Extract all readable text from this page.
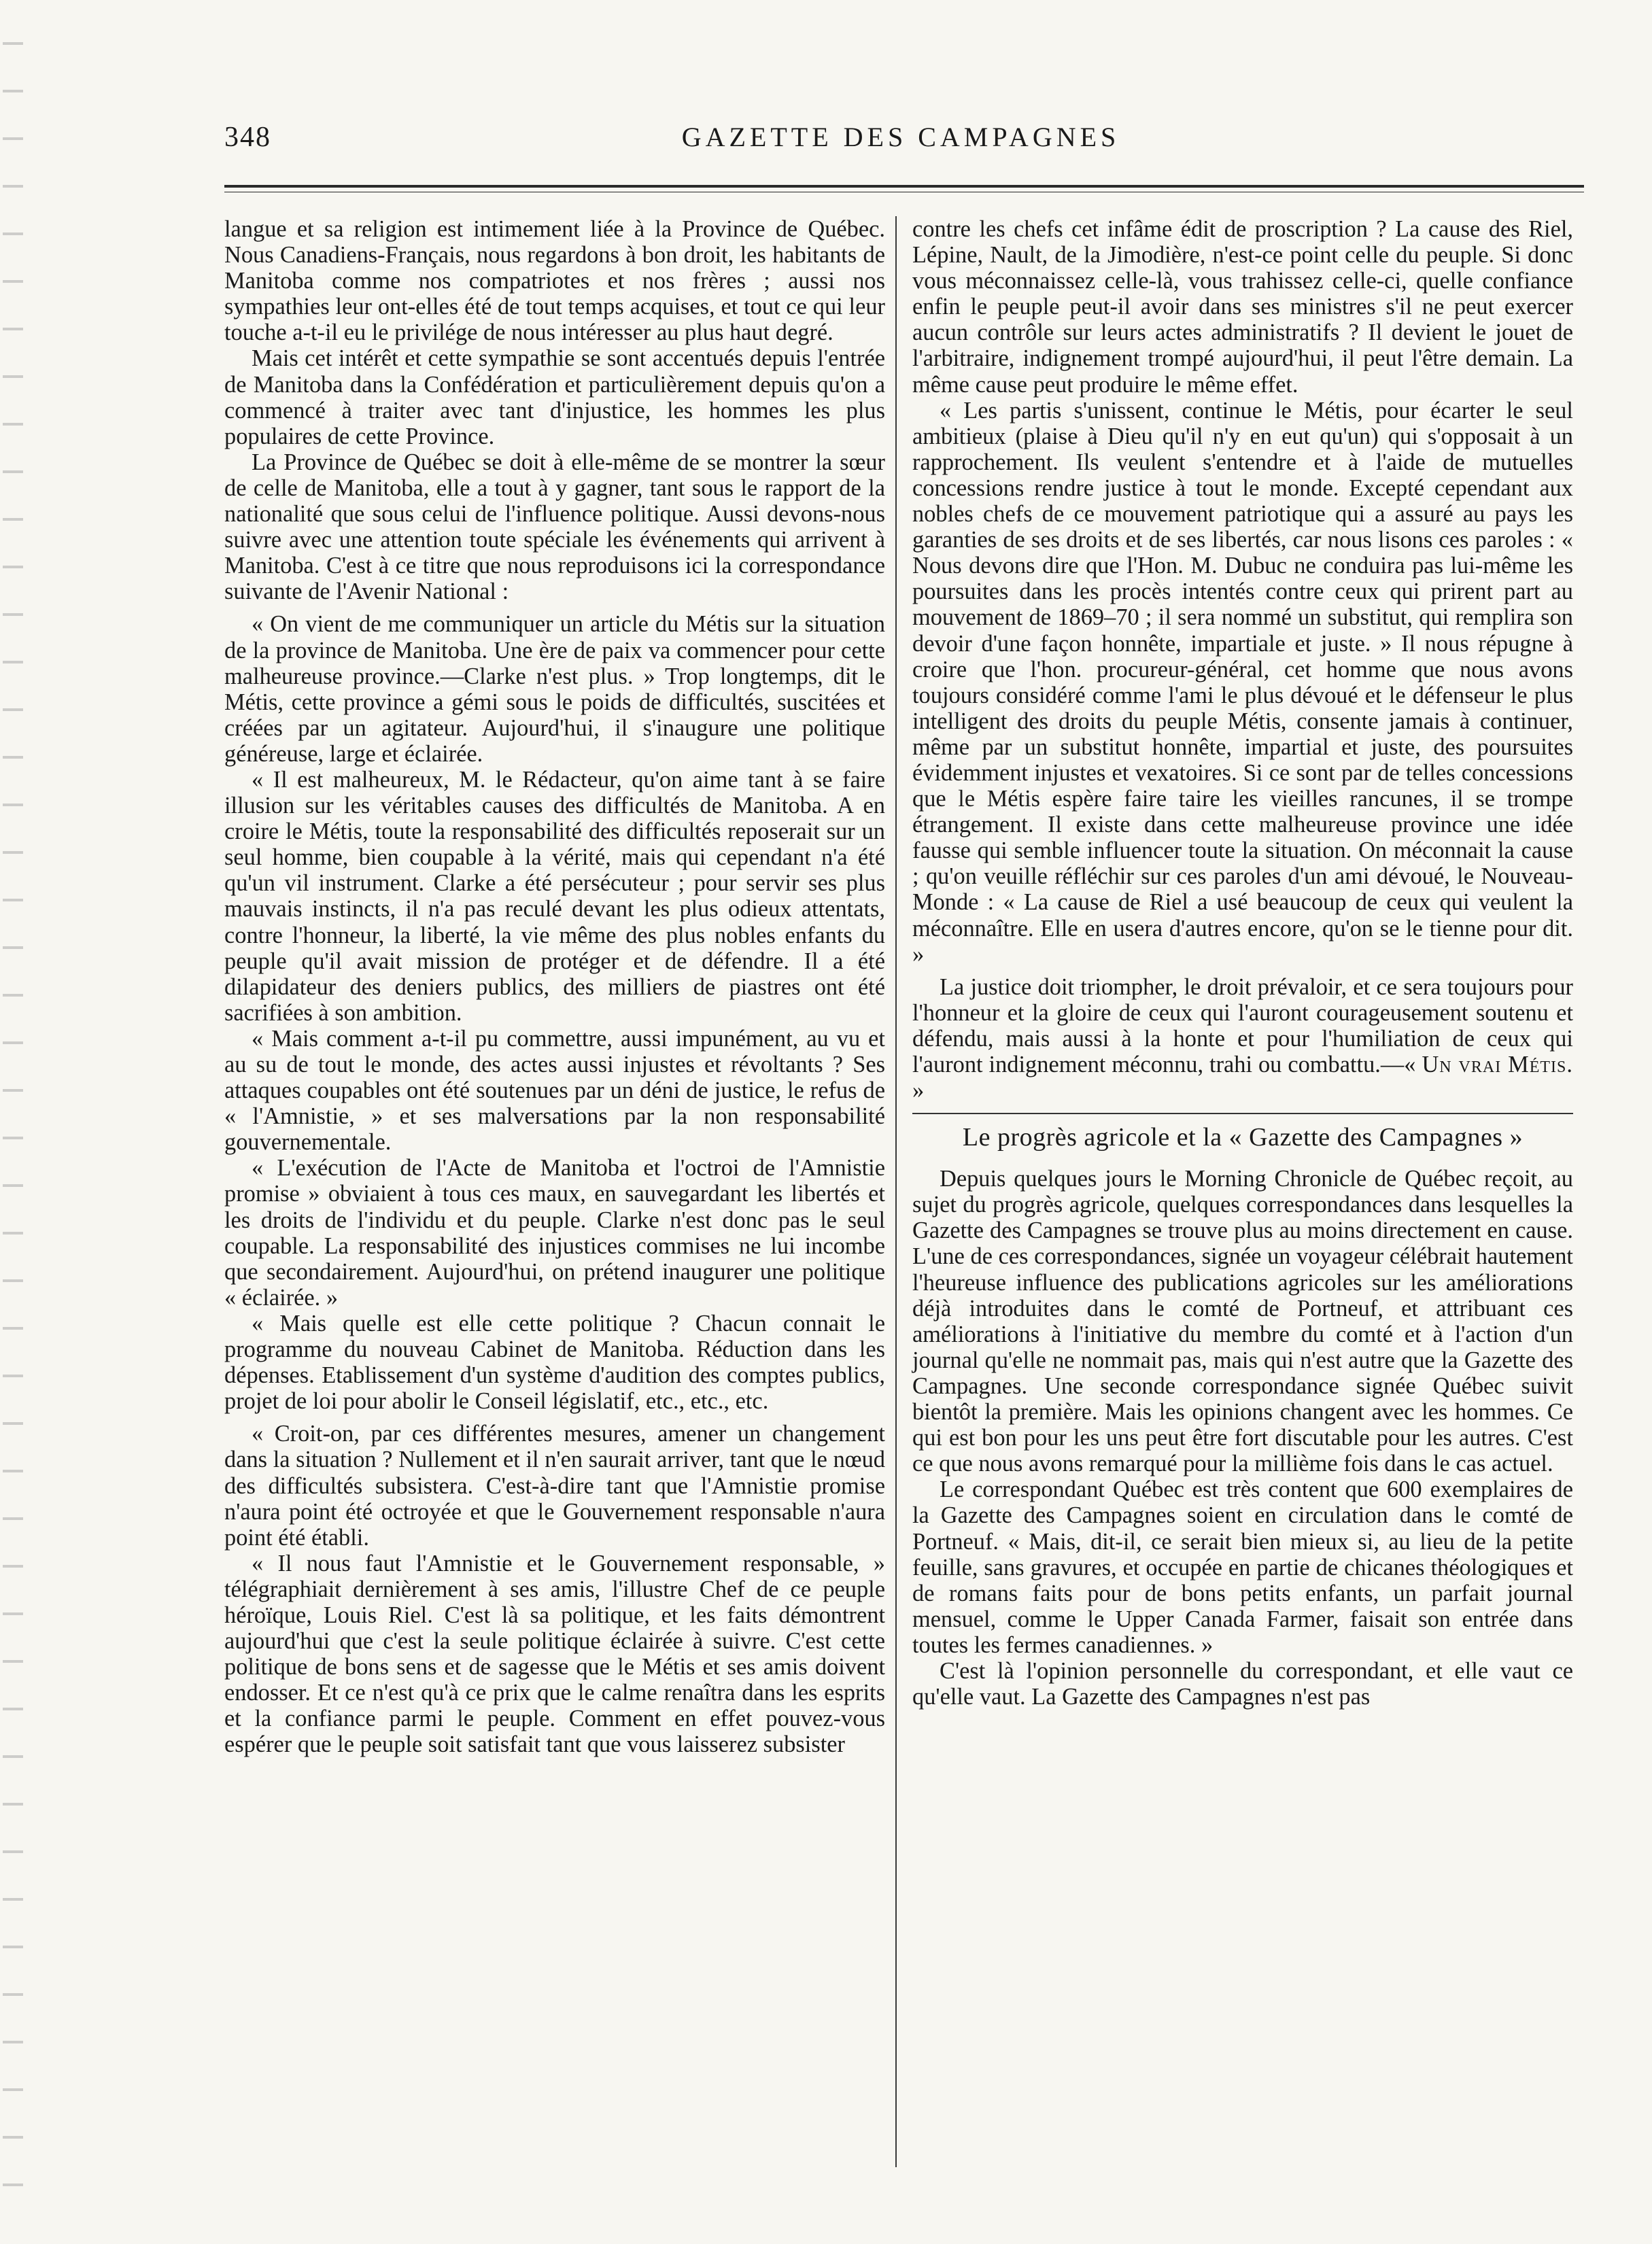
348	GAZETTE DES CAMPAGNES

langue et sa religion est intimement liée à la Province de Québec. Nous Canadiens-Français, nous regardons à bon droit, les habitants de Manitoba comme nos compatriotes et nos frères ; aussi nos sympathies leur ont-elles été de tout temps acquises, et tout ce qui leur touche a-t-il eu le privilége de nous intéresser au plus haut degré.

Mais cet intérêt et cette sympathie se sont accentués depuis l'entrée de Manitoba dans la Confédération et particulièrement depuis qu'on a commencé à traiter avec tant d'injustice, les hommes les plus populaires de cette Province.

La Province de Québec se doit à elle-même de se montrer la sœur de celle de Manitoba, elle a tout à y gagner, tant sous le rapport de la nationalité que sous celui de l'influence politique. Aussi devons-nous suivre avec une attention toute spéciale les événements qui arrivent à Manitoba. C'est à ce titre que nous reproduisons ici la correspondance suivante de l'Avenir National :

« On vient de me communiquer un article du Métis sur la situation de la province de Manitoba. Une ère de paix va commencer pour cette malheureuse province.—Clarke n'est plus. » Trop longtemps, dit le Métis, cette province a gémi sous le poids de difficultés, suscitées et créées par un agitateur. Aujourd'hui, il s'inaugure une politique généreuse, large et éclairée.

« Il est malheureux, M. le Rédacteur, qu'on aime tant à se faire illusion sur les véritables causes des difficultés de Manitoba. A en croire le Métis, toute la responsabilité des difficultés reposerait sur un seul homme, bien coupable à la vérité, mais qui cependant n'a été qu'un vil instrument. Clarke a été persécuteur ; pour servir ses plus mauvais instincts, il n'a pas reculé devant les plus odieux attentats, contre l'honneur, la liberté, la vie même des plus nobles enfants du peuple qu'il avait mission de protéger et de défendre. Il a été dilapidateur des deniers publics, des milliers de piastres ont été sacrifiées à son ambition.

« Mais comment a-t-il pu commettre, aussi impunément, au vu et au su de tout le monde, des actes aussi injustes et révoltants ? Ses attaques coupables ont été soutenues par un déni de justice, le refus de « l'Amnistie, » et ses malversations par la non responsabilité gouvernementale.

« L'exécution de l'Acte de Manitoba et l'octroi de l'Amnistie promise » obviaient à tous ces maux, en sauvegardant les libertés et les droits de l'individu et du peuple. Clarke n'est donc pas le seul coupable. La responsabilité des injustices commises ne lui incombe que secondairement. Aujourd'hui, on prétend inaugurer une politique « éclairée. »

« Mais quelle est elle cette politique ? Chacun connait le programme du nouveau Cabinet de Manitoba. Réduction dans les dépenses. Etablissement d'un système d'audition des comptes publics, projet de loi pour abolir le Conseil législatif, etc., etc., etc.

« Croit-on, par ces différentes mesures, amener un changement dans la situation ? Nullement et il n'en saurait arriver, tant que le nœud des difficultés subsistera. C'est-à-dire tant que l'Amnistie promise n'aura point été octroyée et que le Gouvernement responsable n'aura point été établi.

« Il nous faut l'Amnistie et le Gouvernement responsable, » télégraphiait dernièrement à ses amis, l'illustre Chef de ce peuple héroïque, Louis Riel. C'est là sa politique, et les faits démontrent aujourd'hui que c'est la seule politique éclairée à suivre. C'est cette politique de bons sens et de sagesse que le Métis et ses amis doivent endosser. Et ce n'est qu'à ce prix que le calme renaîtra dans les esprits et la confiance parmi le peuple. Comment en effet pouvez-vous espérer que le peuple soit satisfait tant que vous laisserez subsister

contre les chefs cet infâme édit de proscription ? La cause des Riel, Lépine, Nault, de la Jimodière, n'est-ce point celle du peuple. Si donc vous méconnaissez celle-là, vous trahissez celle-ci, quelle confiance enfin le peuple peut-il avoir dans ses ministres s'il ne peut exercer aucun contrôle sur leurs actes administratifs ? Il devient le jouet de l'arbitraire, indignement trompé aujourd'hui, il peut l'être demain. La même cause peut produire le même effet.

« Les partis s'unissent, continue le Métis, pour écarter le seul ambitieux (plaise à Dieu qu'il n'y en eut qu'un) qui s'opposait à un rapprochement. Ils veulent s'entendre et à l'aide de mutuelles concessions rendre justice à tout le monde. Excepté cependant aux nobles chefs de ce mouvement patriotique qui a assuré au pays les garanties de ses droits et de ses libertés, car nous lisons ces paroles : « Nous devons dire que l'Hon. M. Dubuc ne conduira pas lui-même les poursuites dans les procès intentés contre ceux qui prirent part au mouvement de 1869–70 ; il sera nommé un substitut, qui remplira son devoir d'une façon honnête, impartiale et juste. » Il nous répugne à croire que l'hon. procureur-général, cet homme que nous avons toujours considéré comme l'ami le plus dévoué et le défenseur le plus intelligent des droits du peuple Métis, consente jamais à continuer, même par un substitut honnête, impartial et juste, des poursuites évidemment injustes et vexatoires. Si ce sont par de telles concessions que le Métis espère faire taire les vieilles rancunes, il se trompe étrangement. Il existe dans cette malheureuse province une idée fausse qui semble influencer toute la situation. On méconnait la cause ; qu'on veuille réfléchir sur ces paroles d'un ami dévoué, le Nouveau-Monde : « La cause de Riel a usé beaucoup de ceux qui veulent la méconnaître. Elle en usera d'autres encore, qu'on se le tienne pour dit. »

La justice doit triompher, le droit prévaloir, et ce sera toujours pour l'honneur et la gloire de ceux qui l'auront courageusement soutenu et défendu, mais aussi à la honte et pour l'humiliation de ceux qui l'auront indignement méconnu, trahi ou combattu.—« Un vrai Métis. »

Le progrès agricole et la « Gazette des Campagnes »

Depuis quelques jours le Morning Chronicle de Québec reçoit, au sujet du progrès agricole, quelques correspondances dans lesquelles la Gazette des Campagnes se trouve plus au moins directement en cause. L'une de ces correspondances, signée un voyageur célébrait hautement l'heureuse influence des publications agricoles sur les améliorations déjà introduites dans le comté de Portneuf, et attribuant ces améliorations à l'initiative du membre du comté et à l'action d'un journal qu'elle ne nommait pas, mais qui n'est autre que la Gazette des Campagnes. Une seconde correspondance signée Québec suivit bientôt la première. Mais les opinions changent avec les hommes. Ce qui est bon pour les uns peut être fort discutable pour les autres. C'est ce que nous avons remarqué pour la millième fois dans le cas actuel.

Le correspondant Québec est très content que 600 exemplaires de la Gazette des Campagnes soient en circulation dans le comté de Portneuf. « Mais, dit-il, ce serait bien mieux si, au lieu de la petite feuille, sans gravures, et occupée en partie de chicanes théologiques et de romans faits pour de bons petits enfants, un parfait journal mensuel, comme le Upper Canada Farmer, faisait son entrée dans toutes les fermes canadiennes. »

C'est là l'opinion personnelle du correspondant, et elle vaut ce qu'elle vaut. La Gazette des Campagnes n'est pas
